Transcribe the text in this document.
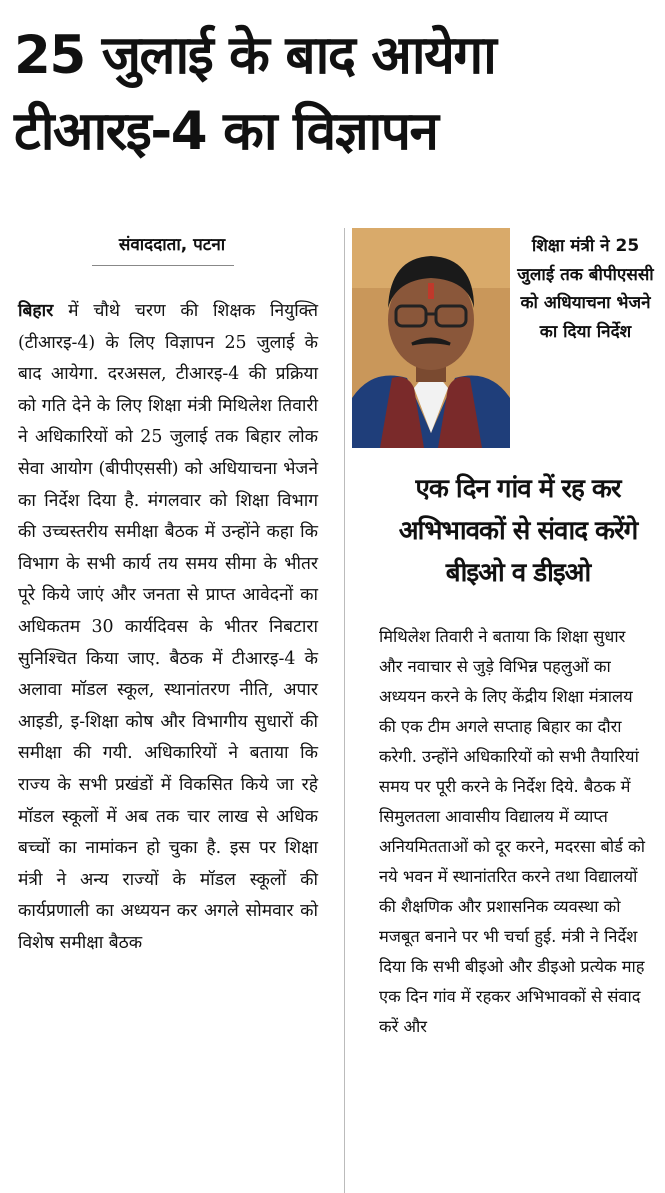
25 जुलाई के बाद आयेगा
टीआरइ-4 का विज्ञापन
संवाददाता, पटना
बिहार में चौथे चरण की शिक्षक नियुक्ति (टीआरइ-4) के लिए विज्ञापन 25 जुलाई के बाद आयेगा. दरअसल, टीआरइ-4 की प्रक्रिया को गति देने के लिए शिक्षा मंत्री मिथिलेश तिवारी ने अधिकारियों को 25 जुलाई तक बिहार लोक सेवा आयोग (बीपीएससी) को अधियाचना भेजने का निर्देश दिया है. मंगलवार को शिक्षा विभाग की उच्चस्तरीय समीक्षा बैठक में उन्होंने कहा कि विभाग के सभी कार्य तय समय सीमा के भीतर पूरे किये जाएं और जनता से प्राप्त आवेदनों का अधिकतम 30 कार्यदिवस के भीतर निबटारा सुनिश्चित किया जाए. बैठक में टीआरइ-4 के अलावा मॉडल स्कूल, स्थानांतरण नीति, अपार आइडी, इ-शिक्षा कोष और विभागीय सुधारों की समीक्षा की गयी. अधिकारियों ने बताया कि राज्य के सभी प्रखंडों में विकसित किये जा रहे मॉडल स्कूलों में अब तक चार लाख से अधिक बच्चों का नामांकन हो चुका है. इस पर शिक्षा मंत्री ने अन्य राज्यों के मॉडल स्कूलों की कार्यप्रणाली का अध्ययन कर अगले सोमवार को विशेष समीक्षा बैठक
शिक्षा मंत्री ने 25 जुलाई तक बीपीएससी को अधियाचना भेजने का दिया निर्देश
एक दिन गांव में रह कर अभिभावकों से संवाद करेंगे बीइओ व डीइओ
मिथिलेश तिवारी ने बताया कि शिक्षा सुधार और नवाचार से जुड़े विभिन्न पहलुओं का अध्ययन करने के लिए केंद्रीय शिक्षा मंत्रालय की एक टीम अगले सप्ताह बिहार का दौरा करेगी. उन्होंने अधिकारियों को सभी तैयारियां समय पर पूरी करने के निर्देश दिये. बैठक में सिमुलतला आवासीय विद्यालय में व्याप्त अनियमितताओं को दूर करने, मदरसा बोर्ड को नये भवन में स्थानांतरित करने तथा विद्यालयों की शैक्षणिक और प्रशासनिक व्यवस्था को मजबूत बनाने पर भी चर्चा हुई. मंत्री ने निर्देश दिया कि सभी बीइओ और डीइओ प्रत्येक माह एक दिन गांव में रहकर अभिभावकों से संवाद करें और
